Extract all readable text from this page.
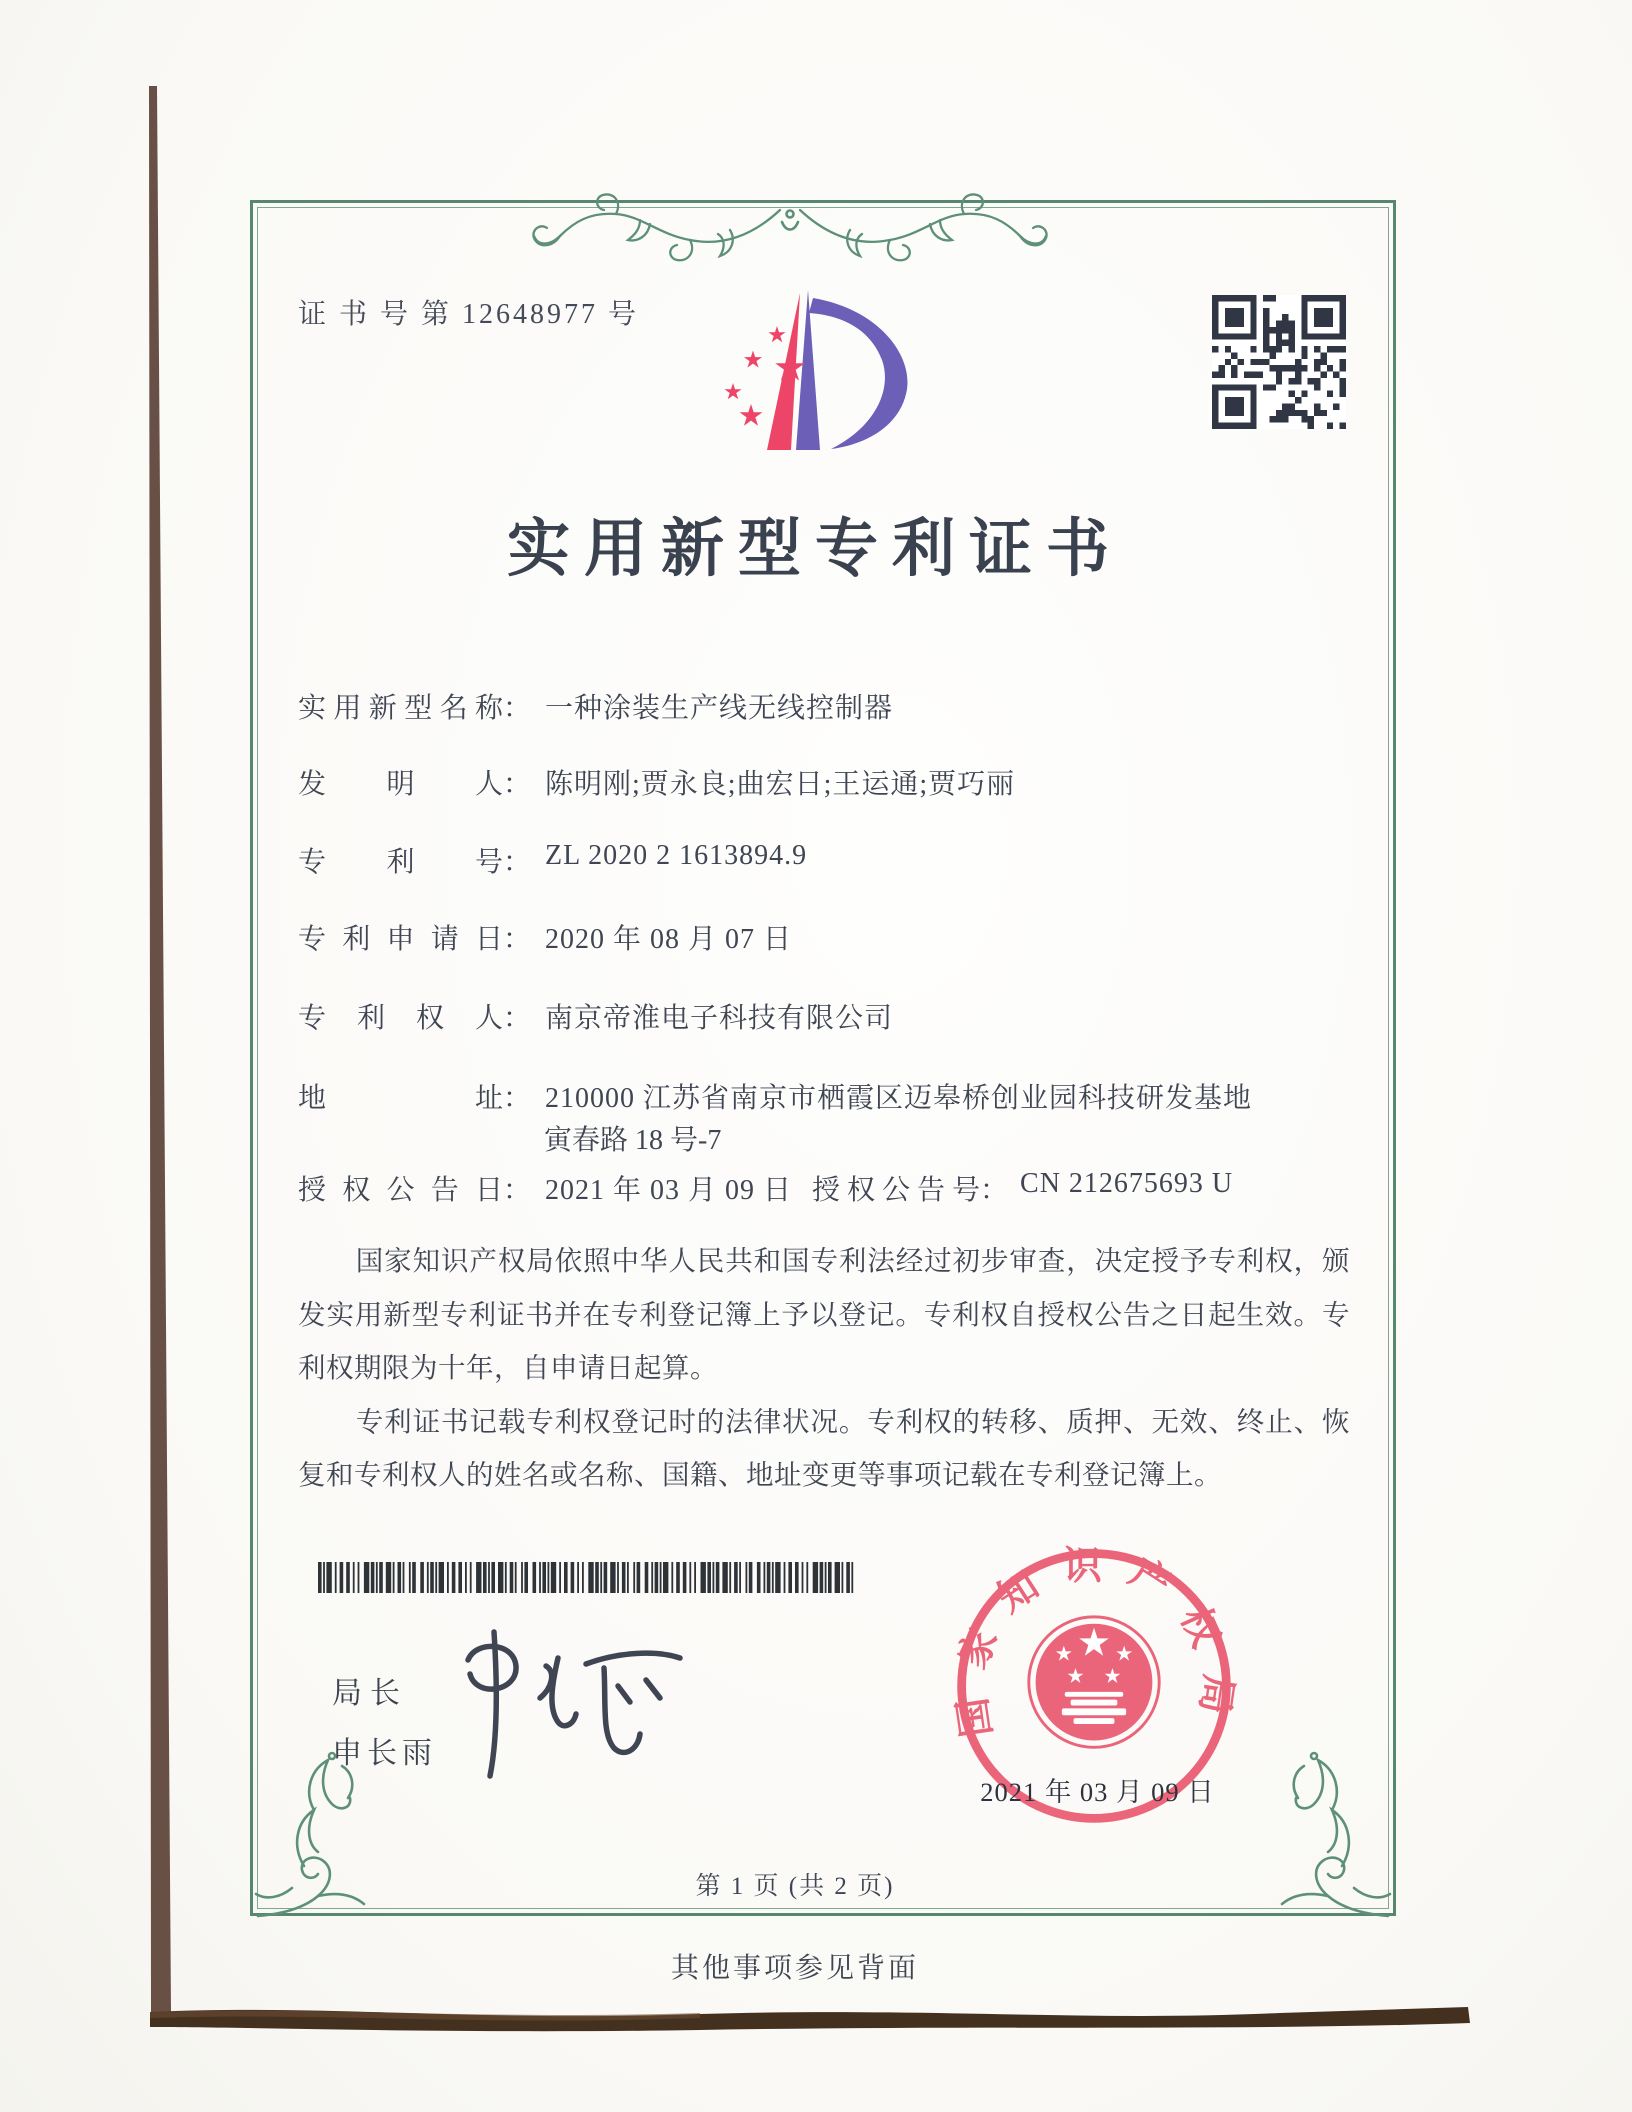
证 书 号 第 12648977 号
实用新型专利证书
实用新型名称： 一种涂装生产线无线控制器
发明人： 陈明刚;贾永良;曲宏日;王运通;贾巧丽
专利号： ZL 2020 2 1613894.9
专利申请日： 2020 年 08 月 07 日
专利权人： 南京帝淮电子科技有限公司
地址： 210000 江苏省南京市栖霞区迈皋桥创业园科技研发基地
寅春路 18 号-7
授权公告日： 2021 年 03 月 09 日 授权公告号： CN 212675693 U

国家知识产权局依照中华人民共和国专利法经过初步审查，决定授予专利权，颁发实用新型专利证书并在专利登记簿上予以登记。专利权自授权公告之日起生效。专利权期限为十年，自申请日起算。

专利证书记载专利权登记时的法律状况。专利权的转移、质押、无效、终止、恢复和专利权人的姓名或名称、国籍、地址变更等事项记载在专利登记簿上。

局长
申长雨
国家知识产权局
2021 年 03 月 09 日
第 1 页 (共 2 页)
其他事项参见背面
